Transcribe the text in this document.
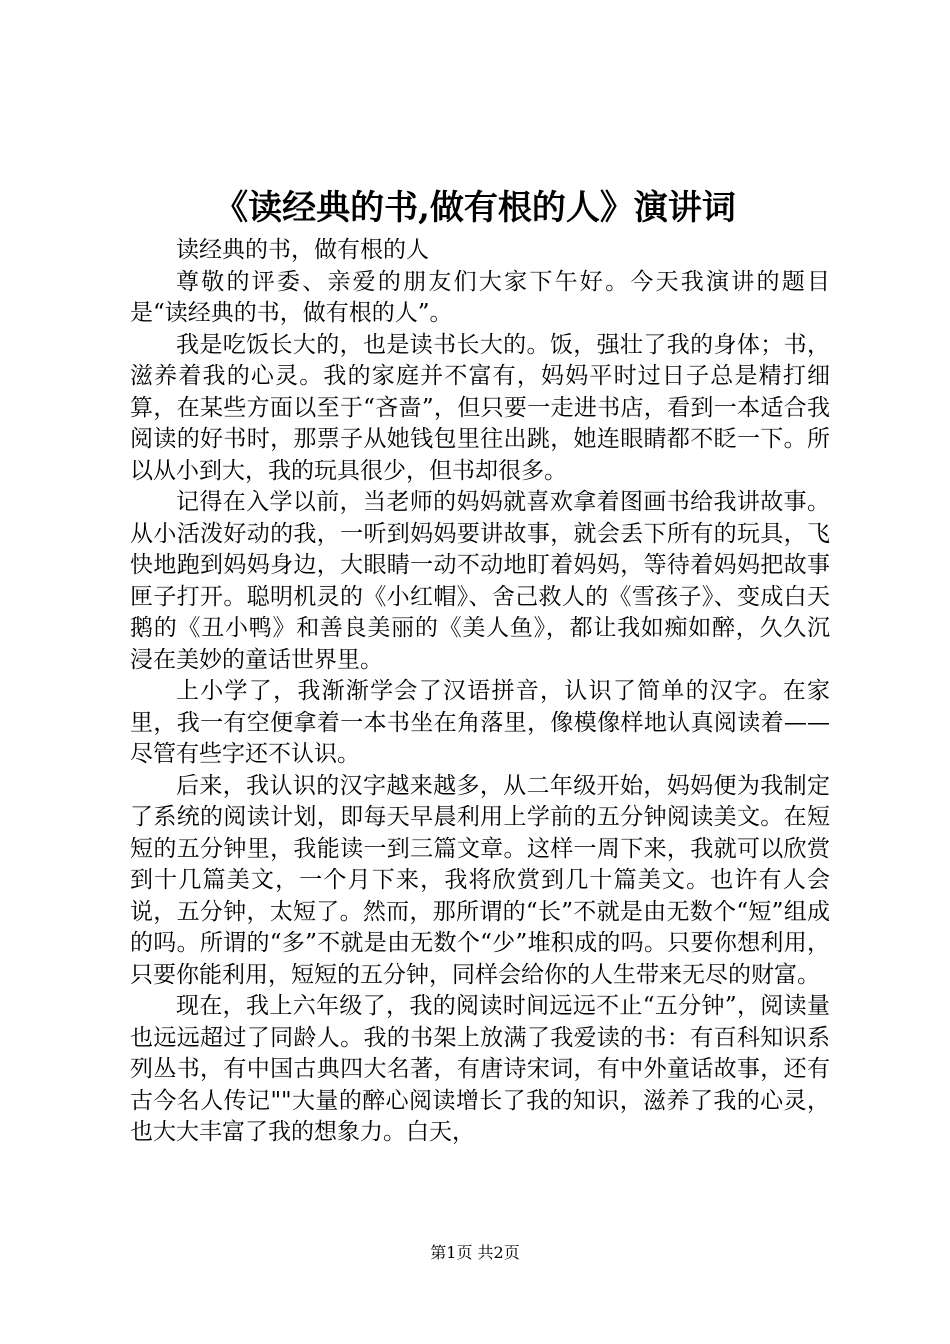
《读经典的书,做有根的人》演讲词

读经典的书，做有根的人

尊敬的评委、亲爱的朋友们大家下午好。今天我演讲的题目是“读经典的书，做有根的人”。

我是吃饭长大的，也是读书长大的。饭，强壮了我的身体；书，滋养着我的心灵。我的家庭并不富有，妈妈平时过日子总是精打细算，在某些方面以至于“吝啬”，但只要一走进书店，看到一本适合我阅读的好书时，那票子从她钱包里往出跳，她连眼睛都不眨一下。所以从小到大，我的玩具很少，但书却很多。

记得在入学以前，当老师的妈妈就喜欢拿着图画书给我讲故事。从小活泼好动的我，一听到妈妈要讲故事，就会丢下所有的玩具，飞快地跑到妈妈身边，大眼睛一动不动地盯着妈妈，等待着妈妈把故事匣子打开。聪明机灵的《小红帽》、舍己救人的《雪孩子》、变成白天鹅的《丑小鸭》和善良美丽的《美人鱼》，都让我如痴如醉，久久沉浸在美妙的童话世界里。

上小学了，我渐渐学会了汉语拼音，认识了简单的汉字。在家里，我一有空便拿着一本书坐在角落里，像模像样地认真阅读着——尽管有些字还不认识。

后来，我认识的汉字越来越多，从二年级开始，妈妈便为我制定了系统的阅读计划，即每天早晨利用上学前的五分钟阅读美文。在短短的五分钟里，我能读一到三篇文章。这样一周下来，我就可以欣赏到十几篇美文，一个月下来，我将欣赏到几十篇美文。也许有人会说，五分钟，太短了。然而，那所谓的“长”不就是由无数个“短”组成的吗。所谓的“多”不就是由无数个“少”堆积成的吗。只要你想利用，只要你能利用，短短的五分钟，同样会给你的人生带来无尽的财富。

现在，我上六年级了，我的阅读时间远远不止“五分钟”，阅读量也远远超过了同龄人。我的书架上放满了我爱读的书：有百科知识系列丛书，有中国古典四大名著，有唐诗宋词，有中外童话故事，还有古今名人传记""大量的醉心阅读增长了我的知识，滋养了我的心灵，也大大丰富了我的想象力。白天，

第1页 共2页
